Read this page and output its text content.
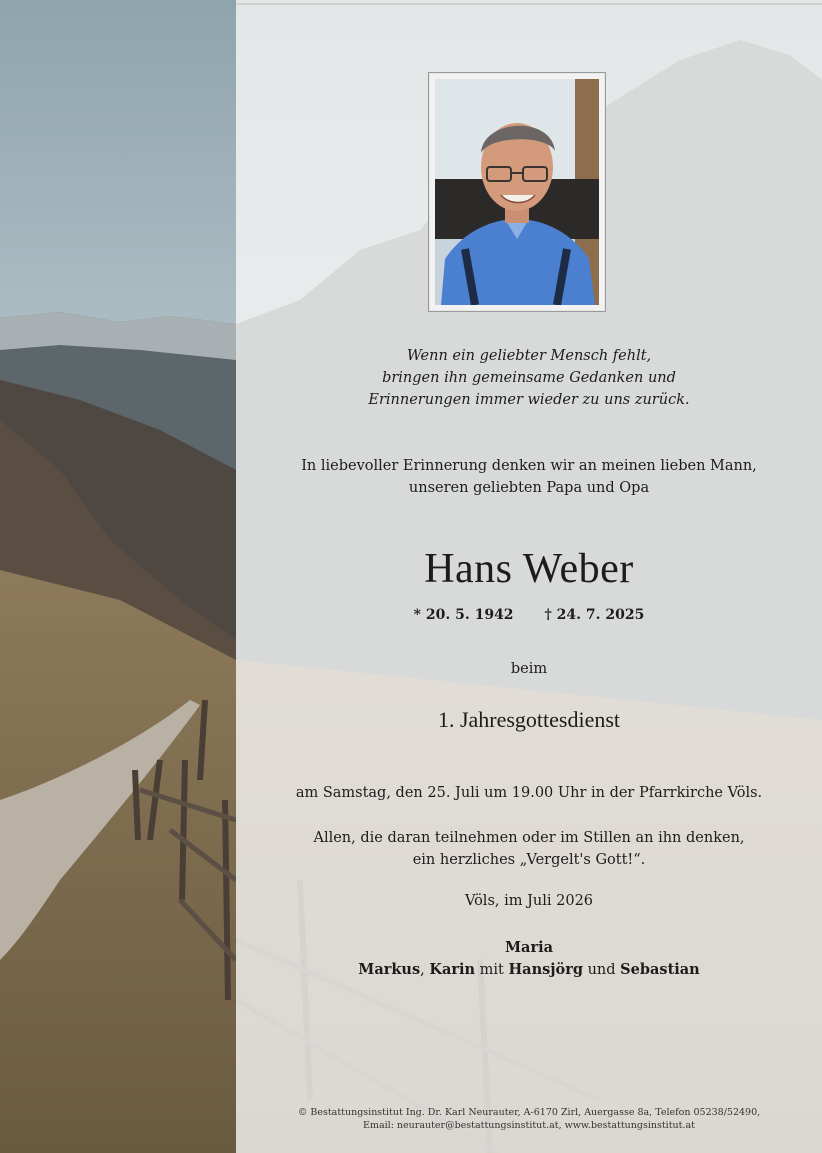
Wenn ein geliebter Mensch fehlt,
bringen ihn gemeinsame Gedanken und
Erinnerungen immer wieder zu uns zurück.
In liebevoller Erinnerung denken wir an meinen lieben Mann,
unseren geliebten Papa und Opa
Hans Weber
* 20. 5. 1942 † 24. 7. 2025
beim
1. Jahresgottesdienst
am Samstag, den 25. Juli um 19.00 Uhr in der Pfarrkirche Völs.
Allen, die daran teilnehmen oder im Stillen an ihn denken,
ein herzliches „Vergelt's Gott!“.
Völs, im Juli 2026
Maria
Markus, Karin mit Hansjörg und Sebastian
© Bestattungsinstitut Ing. Dr. Karl Neurauter, A-6170 Zirl, Auergasse 8a, Telefon 05238/52490,
Email: neurauter@bestattungsinstitut.at, www.bestattungsinstitut.at
